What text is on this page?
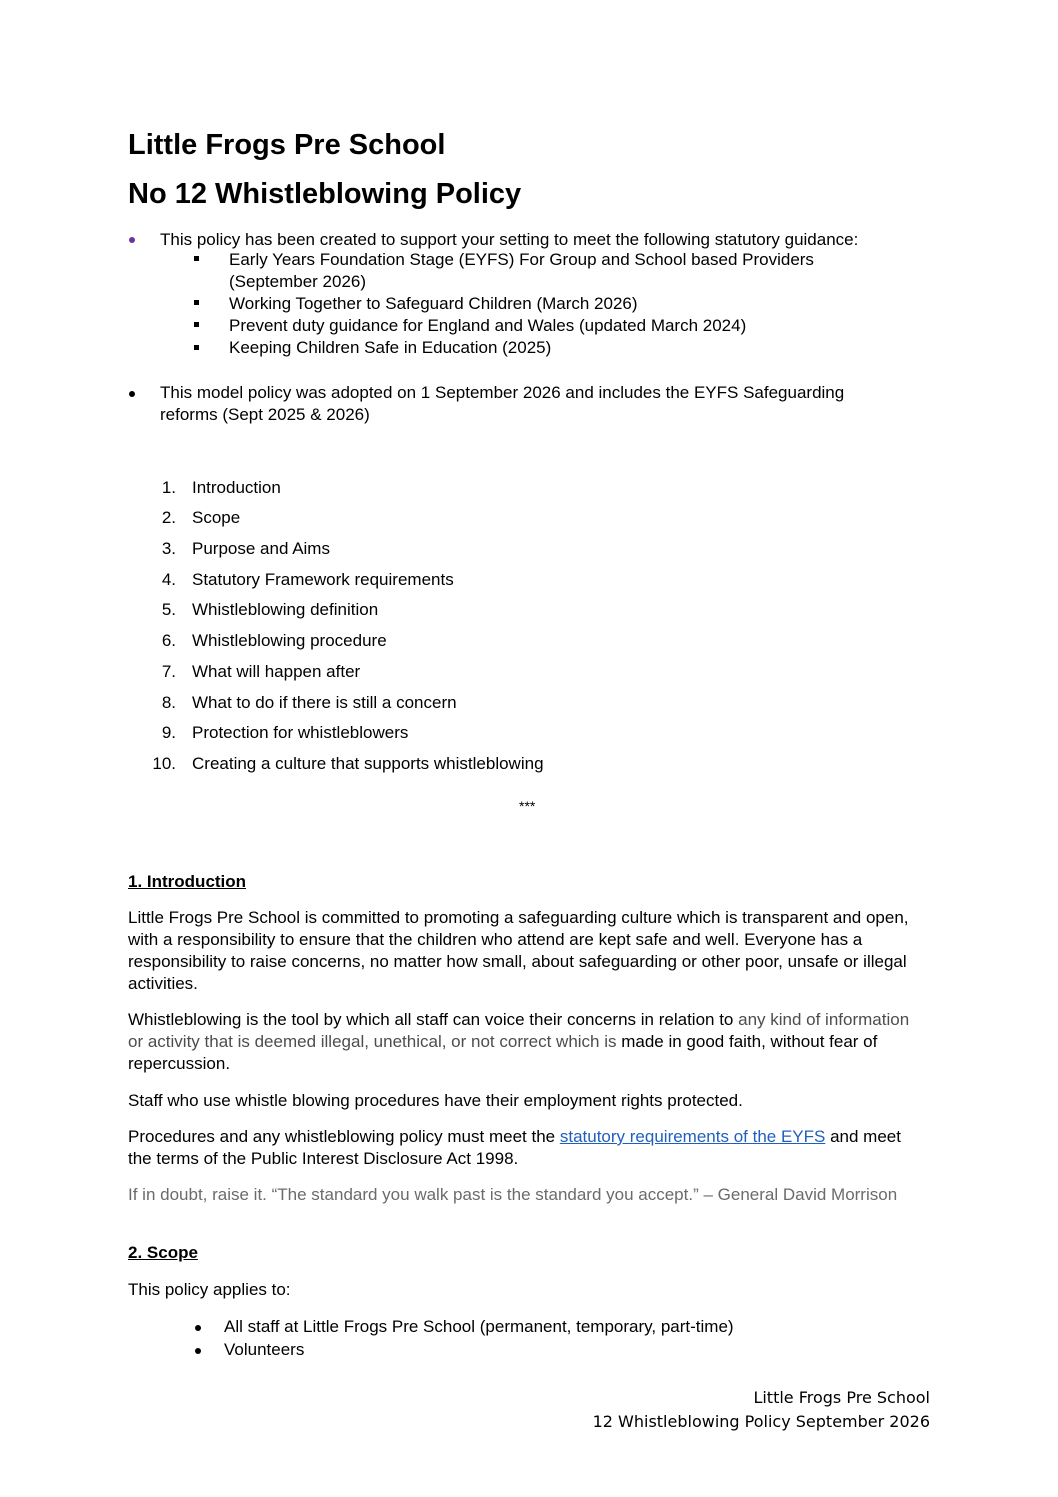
Little Frogs Pre School
No 12 Whistleblowing Policy
This policy has been created to support your setting to meet the following statutory guidance:
Early Years Foundation Stage (EYFS) For Group and School based Providers
(September 2026)
Working Together to Safeguard Children (March 2026)
Prevent duty guidance for England and Wales (updated March 2024)
Keeping Children Safe in Education (2025)
This model policy was adopted on 1 September 2026 and includes the EYFS Safeguarding
reforms (Sept 2025 & 2026)
1. Introduction
2. Scope
3. Purpose and Aims
4. Statutory Framework requirements
5. Whistleblowing definition
6. Whistleblowing procedure
7. What will happen after
8. What to do if there is still a concern
9. Protection for whistleblowers
10. Creating a culture that supports whistleblowing
***
1. Introduction
Little Frogs Pre School is committed to promoting a safeguarding culture which is transparent and open, with a responsibility to ensure that the children who attend are kept safe and well. Everyone has a responsibility to raise concerns, no matter how small, about safeguarding or other poor, unsafe or illegal activities.
Whistleblowing is the tool by which all staff can voice their concerns in relation to any kind of information or activity that is deemed illegal, unethical, or not correct which is made in good faith, without fear of repercussion.
Staff who use whistle blowing procedures have their employment rights protected.
Procedures and any whistleblowing policy must meet the statutory requirements of the EYFS and meet the terms of the Public Interest Disclosure Act 1998.
If in doubt, raise it. “The standard you walk past is the standard you accept.” – General David Morrison
2. Scope
This policy applies to:
All staff at Little Frogs Pre School (permanent, temporary, part-time)
Volunteers
Little Frogs Pre School
12 Whistleblowing Policy September 2026
